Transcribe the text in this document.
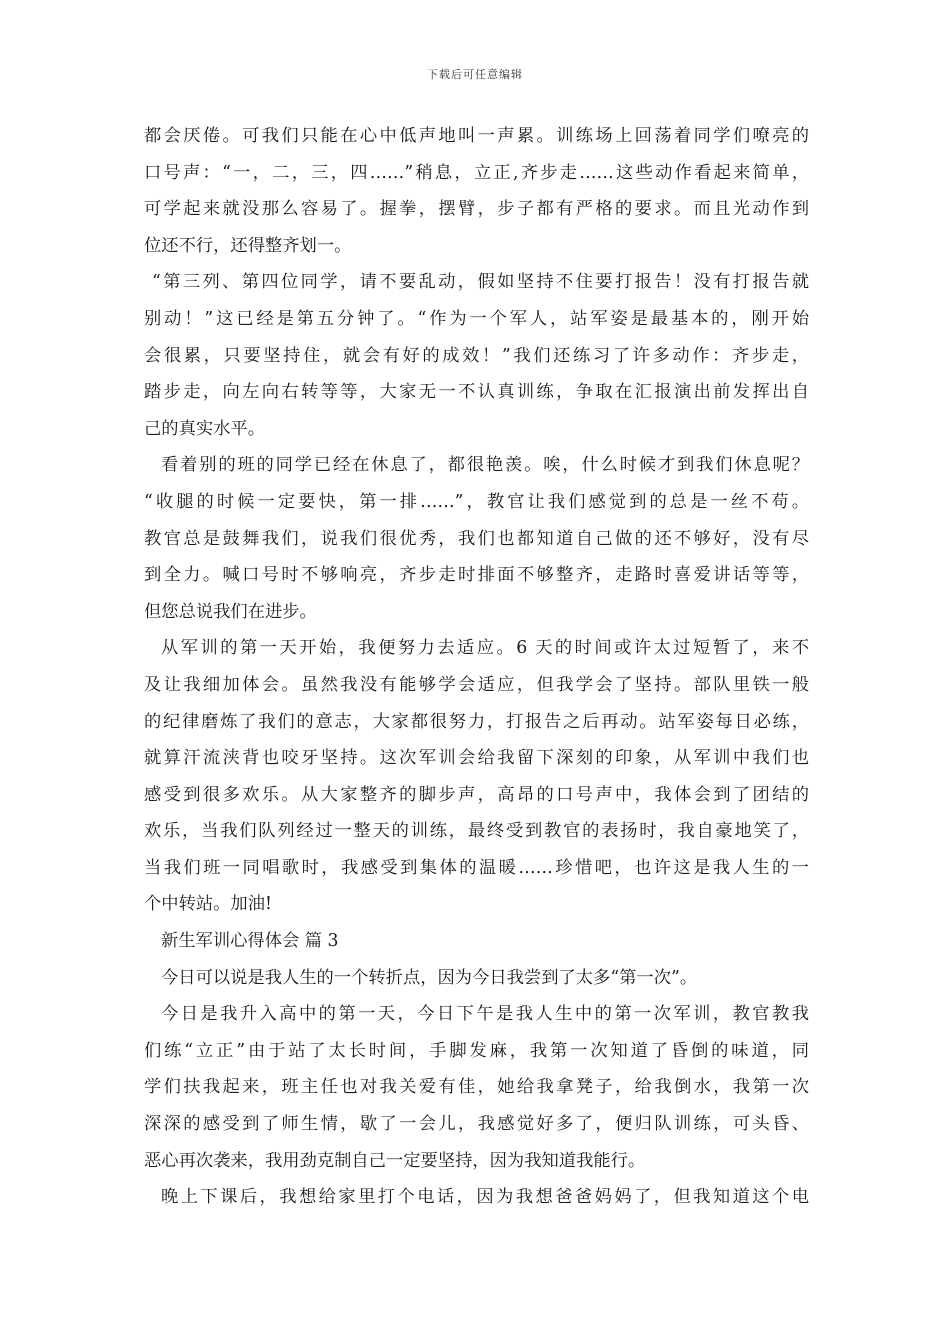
下载后可任意编辑
都会厌倦。可我们只能在心中低声地叫一声累。训练场上回荡着同学们嘹亮的
口号声：“一，二，三，四……”稍息，立正,齐步走……这些动作看起来简单，
可学起来就没那么容易了。握拳，摆臂，步子都有严格的要求。而且光动作到
位还不行，还得整齐划一。
“第三列、第四位同学，请不要乱动，假如坚持不住要打报告！没有打报告就
别动！”这已经是第五分钟了。“作为一个军人，站军姿是最基本的，刚开始
会很累，只要坚持住，就会有好的成效！”我们还练习了许多动作：齐步走，
踏步走，向左向右转等等，大家无一不认真训练，争取在汇报演出前发挥出自
己的真实水平。
看着别的班的同学已经在休息了，都很艳羡。唉，什么时候才到我们休息呢？
“收腿的时候一定要快，第一排……”，教官让我们感觉到的总是一丝不苟。
教官总是鼓舞我们，说我们很优秀，我们也都知道自己做的还不够好，没有尽
到全力。喊口号时不够响亮，齐步走时排面不够整齐，走路时喜爱讲话等等，
但您总说我们在进步。
从军训的第一天开始，我便努力去适应。6 天的时间或许太过短暂了，来不
及让我细加体会。虽然我没有能够学会适应，但我学会了坚持。部队里铁一般
的纪律磨炼了我们的意志，大家都很努力，打报告之后再动。站军姿每日必练，
就算汗流浃背也咬牙坚持。这次军训会给我留下深刻的印象，从军训中我们也
感受到很多欢乐。从大家整齐的脚步声，高昂的口号声中，我体会到了团结的
欢乐，当我们队列经过一整天的训练，最终受到教官的表扬时，我自豪地笑了，
当我们班一同唱歌时，我感受到集体的温暖……珍惜吧，也许这是我人生的一
个中转站。加油!
新生军训心得体会 篇 3
今日可以说是我人生的一个转折点，因为今日我尝到了太多“第一次”。
今日是我升入高中的第一天，今日下午是我人生中的第一次军训，教官教我
们练“立正”由于站了太长时间，手脚发麻，我第一次知道了昏倒的味道，同
学们扶我起来，班主任也对我关爱有佳，她给我拿凳子，给我倒水，我第一次
深深的感受到了师生情，歇了一会儿，我感觉好多了，便归队训练，可头昏、
恶心再次袭来，我用劲克制自己一定要坚持，因为我知道我能行。
晚上下课后，我想给家里打个电话，因为我想爸爸妈妈了，但我知道这个电
